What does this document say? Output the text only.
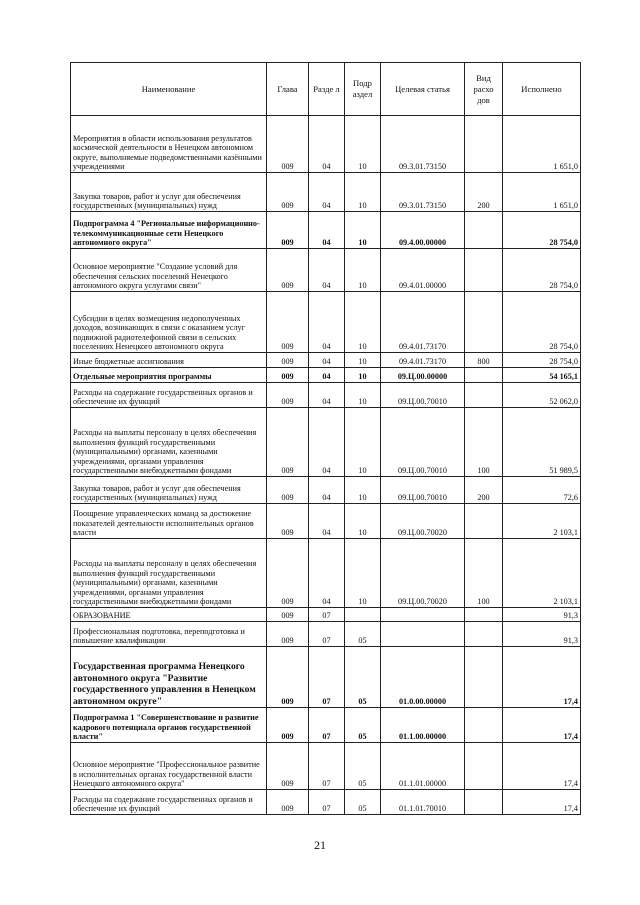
Наименование	Глава	Разде л	Подр аздел	Целевая статья	Вид расхо дов	Исполнено
Мероприятия в области использования результатов космической деятельности в Ненецком автономном округе, выполняемые подведомственными казёнными учреждениями	009	04	10	09.3.01.73150		1 651,0
Закупка товаров, работ и услуг для обеспечения государственных (муниципальных) нужд	009	04	10	09.3.01.73150	200	1 651,0
Подпрограмма 4 "Региональные информационно-телекоммуникационные сети Ненецкого автономного округа"	009	04	10	09.4.00.00000		28 754,0
Основное мероприятие "Создание условий для обеспечения сельских поселений Ненецкого автономного округа услугами связи"	009	04	10	09.4.01.00000		28 754,0
Субсидии в целях возмещения недополученных доходов, возникающих в связи с оказанием услуг подвижной радиотелефонной связи в сельских поселениях Ненецкого автономного округа	009	04	10	09.4.01.73170		28 754,0
Иные бюджетные ассигнования	009	04	10	09.4.01.73170	800	28 754,0
Отдельные мероприятия программы	009	04	10	09.Ц.00.00000		54 165,1
Расходы на содержание государственных органов и обеспечение их функций	009	04	10	09.Ц.00.70010		52 062,0
Расходы на выплаты персоналу в целях обеспечения выполнения функций государственными (муниципальными) органами, казенными учреждениями, органами управления государственными внебюджетными фондами	009	04	10	09.Ц.00.70010	100	51 989,5
Закупка товаров, работ и услуг для обеспечения государственных (муниципальных) нужд	009	04	10	09.Ц.00.70010	200	72,6
Поощрение управленческих команд за достижение показателей деятельности исполнительных органов власти	009	04	10	09.Ц.00.70020		2 103,1
Расходы на выплаты персоналу в целях обеспечения выполнения функций государственными (муниципальными) органами, казенными учреждениями, органами управления государственными внебюджетными фондами	009	04	10	09.Ц.00.70020	100	2 103,1
ОБРАЗОВАНИЕ	009	07				91,3
Профессиональная подготовка, переподготовка и повышение квалификации	009	07	05			91,3
Государственная программа Ненецкого автономного округа "Развитие государственного управления в Ненецком автономном округе"	009	07	05	01.0.00.00000		17,4
Подпрограмма 1 "Совершенствование и развитие кадрового потенциала органов государственной власти"	009	07	05	01.1.00.00000		17,4
Основное мероприятие "Профессиональное развитие в исполнительных органах государственной власти Ненецкого автономного округа"	009	07	05	01.1.01.00000		17,4
Расходы на содержание государственных органов и обеспечение их функций	009	07	05	01.1.01.70010		17,4
21
